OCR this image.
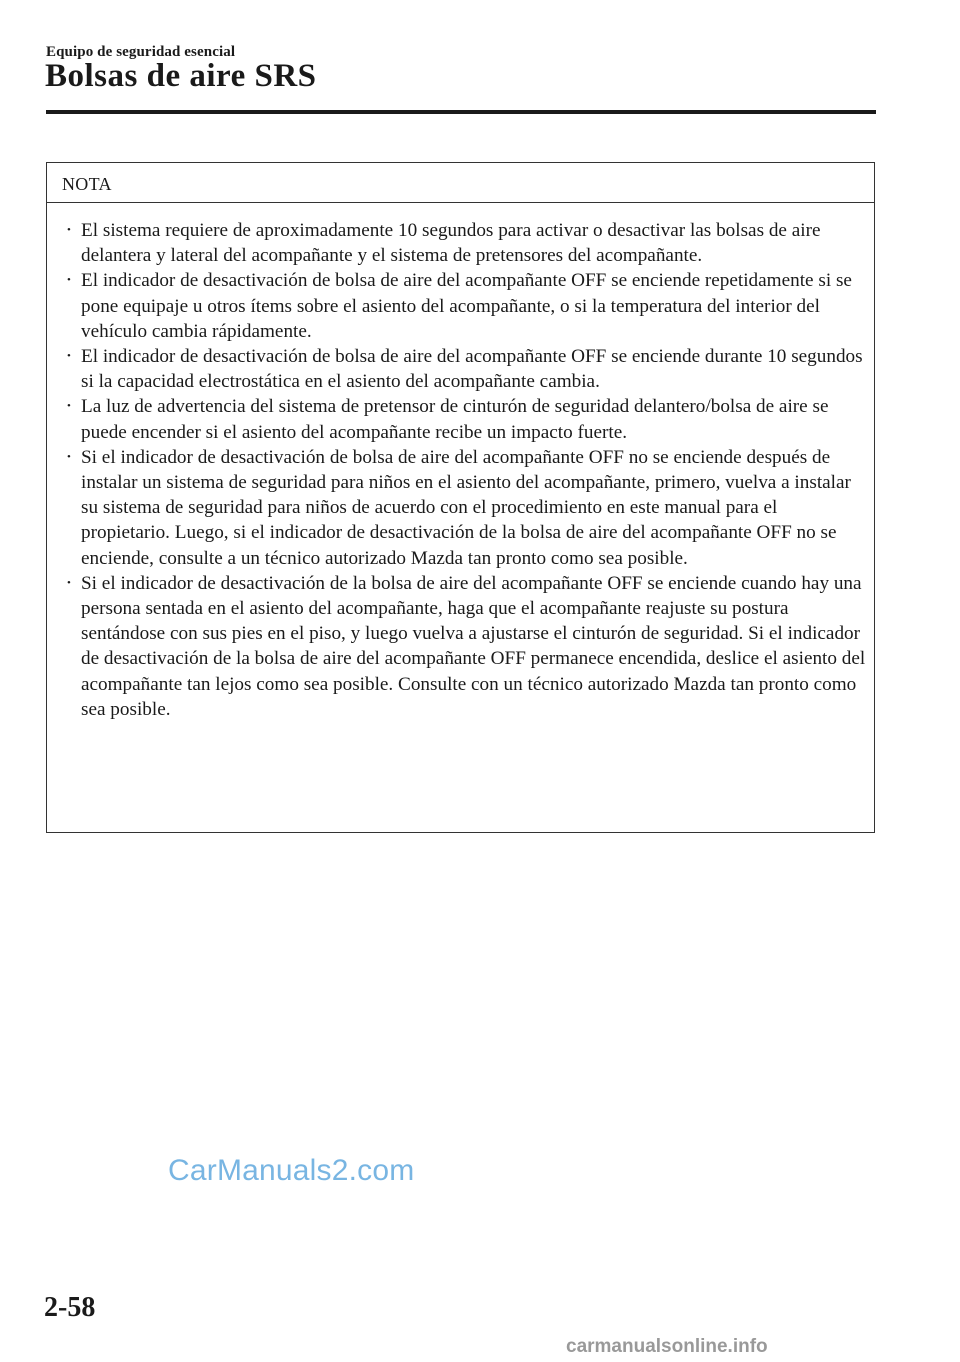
Equipo de seguridad esencial
Bolsas de aire SRS
NOTA
• El sistema requiere de aproximadamente 10 segundos para activar o desactivar las bolsas de aire delantera y lateral del acompañante y el sistema de pretensores del acompañante.
• El indicador de desactivación de bolsa de aire del acompañante OFF se enciende repetidamente si se pone equipaje u otros ítems sobre el asiento del acompañante, o si la temperatura del interior del vehículo cambia rápidamente.
• El indicador de desactivación de bolsa de aire del acompañante OFF se enciende durante 10 segundos si la capacidad electrostática en el asiento del acompañante cambia.
• La luz de advertencia del sistema de pretensor de cinturón de seguridad delantero/bolsa de aire se puede encender si el asiento del acompañante recibe un impacto fuerte.
• Si el indicador de desactivación de bolsa de aire del acompañante OFF no se enciende después de instalar un sistema de seguridad para niños en el asiento del acompañante, primero, vuelva a instalar su sistema de seguridad para niños de acuerdo con el procedimiento en este manual para el propietario. Luego, si el indicador de desactivación de la bolsa de aire del acompañante OFF no se enciende, consulte a un técnico autorizado Mazda tan pronto como sea posible.
• Si el indicador de desactivación de la bolsa de aire del acompañante OFF se enciende cuando hay una persona sentada en el asiento del acompañante, haga que el acompañante reajuste su postura sentándose con sus pies en el piso, y luego vuelva a ajustarse el cinturón de seguridad. Si el indicador de desactivación de la bolsa de aire del acompañante OFF permanece encendida, deslice el asiento del acompañante tan lejos como sea posible. Consulte con un técnico autorizado Mazda tan pronto como sea posible.
CarManuals2.com
2-58
carmanualsonline.info
